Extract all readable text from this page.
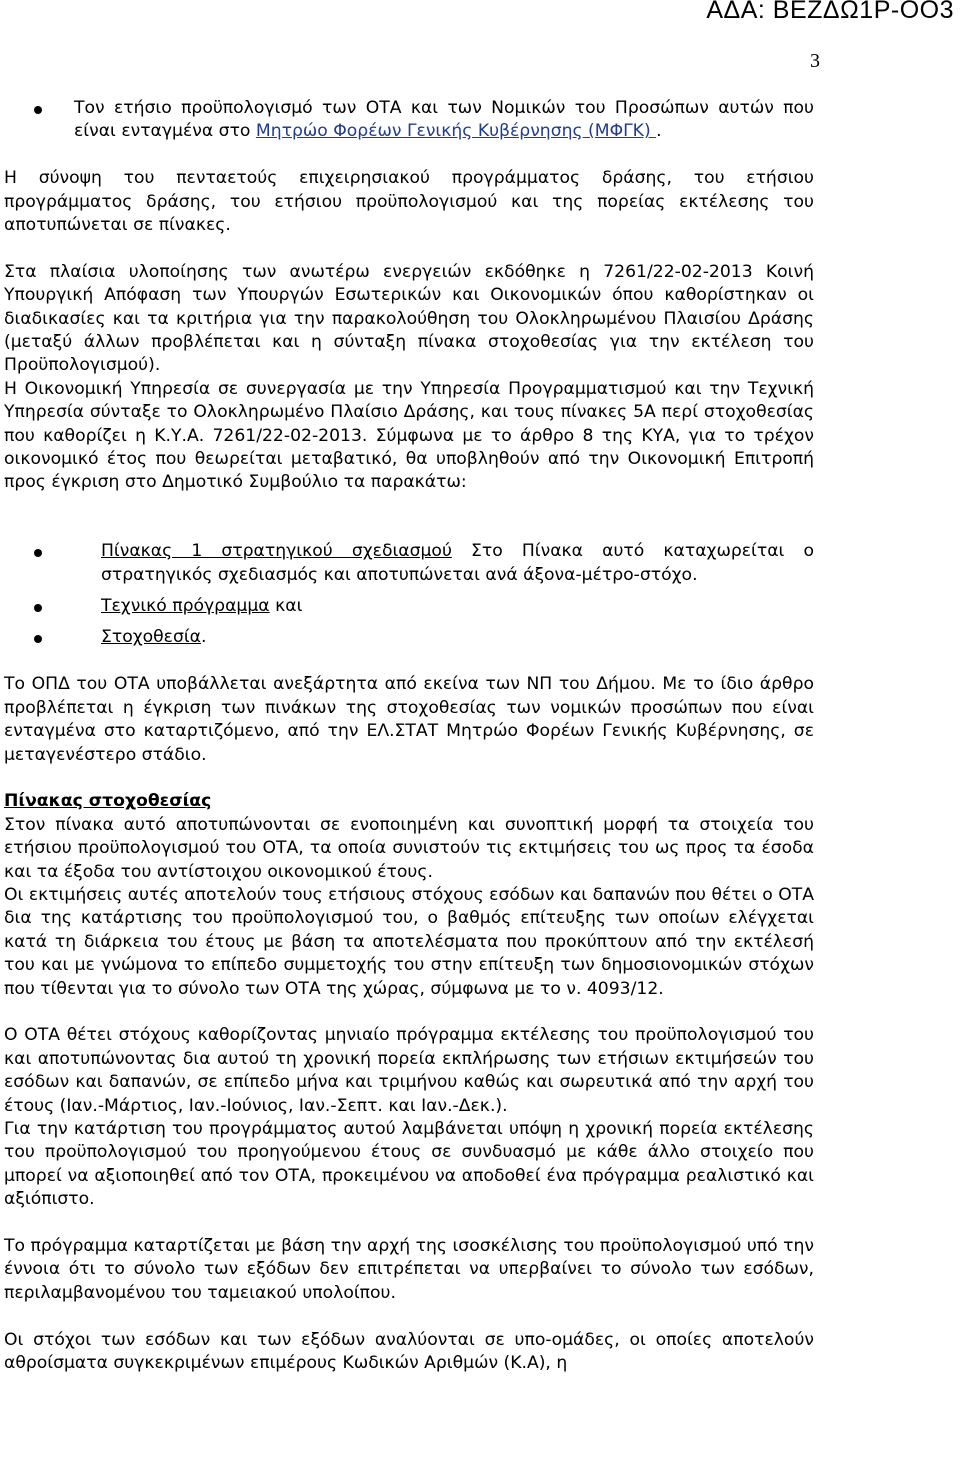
ΑΔΑ: ΒΕΖΔΩ1Ρ-ΟΟ3
3
Τον ετήσιο προϋπολογισμό των ΟΤΑ και των Νομικών του Προσώπων αυτών που είναι ενταγμένα στο Μητρώο Φορέων Γενικής Κυβέρνησης (ΜΦΓΚ) .

Η σύνοψη του πενταετούς επιχειρησιακού προγράμματος δράσης, του ετήσιου προγράμματος δράσης, του ετήσιου προϋπολογισμού και της πορείας εκτέλεσης του αποτυπώνεται σε πίνακες.

Στα πλαίσια υλοποίησης των ανωτέρω ενεργειών εκδόθηκε η 7261/22-02-2013 Κοινή Υπουργική Απόφαση των Υπουργών Εσωτερικών και Οικονομικών όπου καθορίστηκαν οι διαδικασίες και τα κριτήρια για την παρακολούθηση του Ολοκληρωμένου Πλαισίου Δράσης (μεταξύ άλλων προβλέπεται και η σύνταξη πίνακα στοχοθεσίας για την εκτέλεση του Προϋπολογισμού).

Η Οικονομική Υπηρεσία σε συνεργασία με την Υπηρεσία Προγραμματισμού και την Τεχνική Υπηρεσία σύνταξε το Ολοκληρωμένο Πλαίσιο Δράσης, και τους πίνακες 5Α περί στοχοθεσίας που καθορίζει η Κ.Υ.Α. 7261/22-02-2013. Σύμφωνα με το άρθρο 8 της ΚΥΑ, για το τρέχον οικονομικό έτος που θεωρείται μεταβατικό, θα υποβληθούν από την Οικονομική Επιτροπή προς έγκριση στο Δημοτικό Συμβούλιο τα παρακάτω:

Πίνακας 1 στρατηγικού σχεδιασμού Στο Πίνακα αυτό καταχωρείται ο στρατηγικός σχεδιασμός και αποτυπώνεται ανά άξονα-μέτρο-στόχο.
Τεχνικό πρόγραμμα και
Στοχοθεσία.

Το ΟΠΔ του ΟΤΑ υποβάλλεται ανεξάρτητα από εκείνα των ΝΠ του Δήμου. Με το ίδιο άρθρο προβλέπεται η έγκριση των πινάκων της στοχοθεσίας των νομικών προσώπων που είναι ενταγμένα στο καταρτιζόμενο, από την ΕΛ.ΣΤΑΤ Μητρώο Φορέων Γενικής Κυβέρνησης, σε μεταγενέστερο στάδιο.

Πίνακας στοχοθεσίας

Στον πίνακα αυτό αποτυπώνονται σε ενοποιημένη και συνοπτική μορφή τα στοιχεία του ετήσιου προϋπολογισμού του ΟΤΑ, τα οποία συνιστούν τις εκτιμήσεις του ως προς τα έσοδα και τα έξοδα του αντίστοιχου οικονομικού έτους.

Οι εκτιμήσεις αυτές αποτελούν τους ετήσιους στόχους εσόδων και δαπανών που θέτει ο ΟΤΑ δια της κατάρτισης του προϋπολογισμού του, ο βαθμός επίτευξης των οποίων ελέγχεται κατά τη διάρκεια του έτους με βάση τα αποτελέσματα που προκύπτουν από την εκτέλεσή του και με γνώμονα το επίπεδο συμμετοχής του στην επίτευξη των δημοσιονομικών στόχων που τίθενται για το σύνολο των ΟΤΑ της χώρας, σύμφωνα με το ν. 4093/12.

Ο ΟΤΑ θέτει στόχους καθορίζοντας μηνιαίο πρόγραμμα εκτέλεσης του προϋπολογισμού του και αποτυπώνοντας δια αυτού τη χρονική πορεία εκπλήρωσης των ετήσιων εκτιμήσεών του εσόδων και δαπανών, σε επίπεδο μήνα και τριμήνου καθώς και σωρευτικά από την αρχή του έτους (Ιαν.-Μάρτιος, Ιαν.-Ιούνιος, Ιαν.-Σεπτ. και Ιαν.-Δεκ.).

Για την κατάρτιση του προγράμματος αυτού λαμβάνεται υπόψη η χρονική πορεία εκτέλεσης του προϋπολογισμού του προηγούμενου έτους σε συνδυασμό με κάθε άλλο στοιχείο που μπορεί να αξιοποιηθεί από τον ΟΤΑ, προκειμένου να αποδοθεί ένα πρόγραμμα ρεαλιστικό και αξιόπιστο.

Το πρόγραμμα καταρτίζεται με βάση την αρχή της ισοσκέλισης του προϋπολογισμού υπό την έννοια ότι το σύνολο των εξόδων δεν επιτρέπεται να υπερβαίνει το σύνολο των εσόδων, περιλαμβανομένου του ταμειακού υπολοίπου.

Οι στόχοι των εσόδων και των εξόδων αναλύονται σε υπο-ομάδες, οι οποίες αποτελούν αθροίσματα συγκεκριμένων επιμέρους Κωδικών Αριθμών (Κ.Α), η
